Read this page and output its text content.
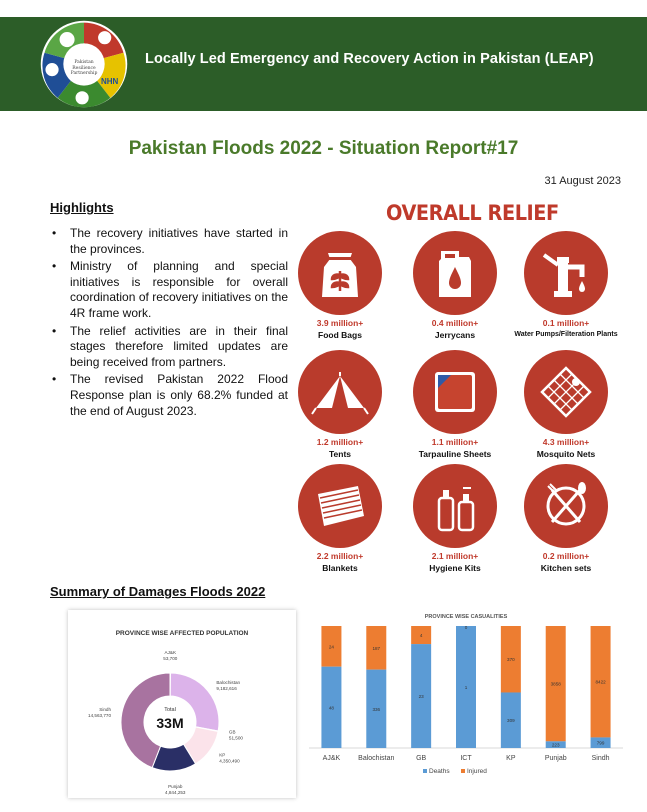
Pakistan Resilience Partnership
NHN
Locally Led Emergency and Recovery Action in Pakistan (LEAP)
Pakistan Floods 2022 - Situation Report#17
31 August 2023
Highlights
• The recovery initiatives have started in the provinces.
• Ministry of planning and special initiatives is responsible for overall coordination of recovery initiatives on the 4R frame work.
• The relief activities are in their final stages therefore limited updates are being received from partners.
• The revised Pakistan 2022 Flood Response plan is only 68.2% funded at the end of August 2023.
OVERALL RELIEF
3.9 million+
Food Bags
0.4 million+
Jerrycans
0.1 million+
Water Pumps/Filteration Plants
1.2 million+
Tents
1.1 million+
Tarpauline Sheets
4.3 million+
Mosquito Nets
2.2 million+
Blankets
2.1 million+
Hygiene Kits
0.2 million+
Kitchen sets
Summary of Damages Floods 2022
PROVINCE WISE AFFECTED POPULATION
AJ&K
53,700
Balochistan
9,182,616
GB
51,500
KP
4,350,490
Punjab
4,844,253
Sindh
14,563,770
Total
33M
PROVINCE WISE CASUALITIES
24
48
AJ&K
187
336
Balochistan
4
23
GB
0
1
ICT
370
309
KP
3858
223
Punjab
8422
799
Sindh
Deaths	Injured
